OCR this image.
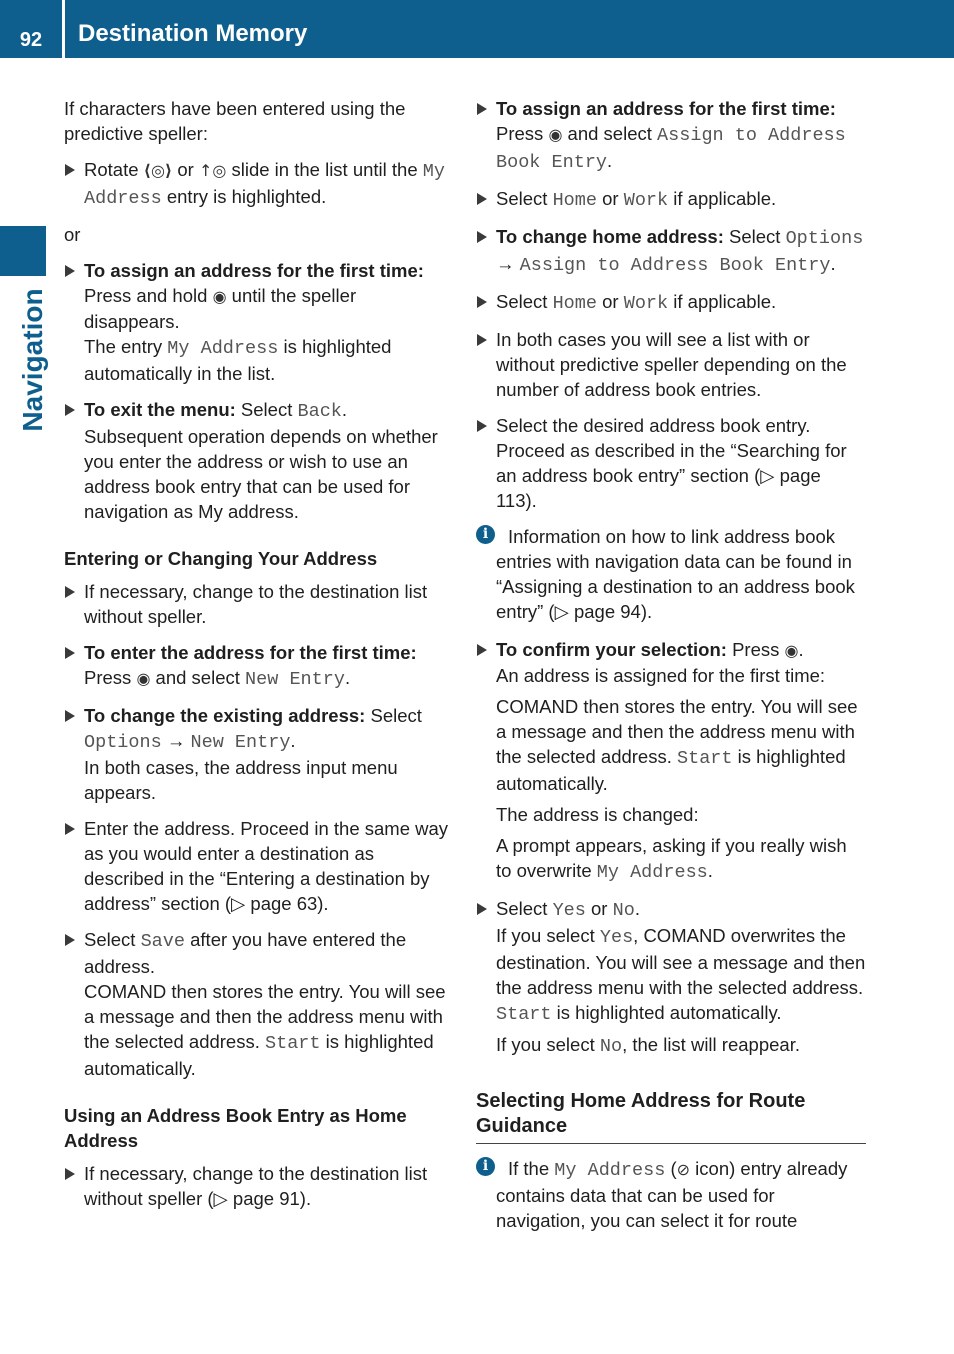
92	Destination Memory
Navigation

If characters have been entered using the predictive speller:

Rotate ⟨◎⟩ or ↑◎ slide in the list until the My Address entry is highlighted.

or

To assign an address for the first time:
Press and hold ◉ until the speller disappears.
The entry My Address is highlighted automatically in the list.
To exit the menu: Select Back.
Subsequent operation depends on whether you enter the address or wish to use an address book entry that can be used for navigation as My address.
Entering or Changing Your Address
If necessary, change to the destination list without speller.
To enter the address for the first time:
Press ◉ and select New Entry.
To change the existing address: Select Options → New Entry.
In both cases, the address input menu appears.
Enter the address. Proceed in the same way as you would enter a destination as described in the “Entering a destination by address” section (▷ page 63).
Select Save after you have entered the address.
COMAND then stores the entry. You will see a message and then the address menu with the selected address. Start is highlighted automatically.
Using an Address Book Entry as Home Address
If necessary, change to the destination list without speller (▷ page 91).
To assign an address for the first time:
Press ◉ and select Assign to Address Book Entry.
Select Home or Work if applicable.
To change home address: Select Options → Assign to Address Book Entry.
Select Home or Work if applicable.
In both cases you will see a list with or without predictive speller depending on the number of address book entries.
Select the desired address book entry. Proceed as described in the “Searching for an address book entry” section (▷ page 113).
i	Information on how to link address book entries with navigation data can be found in “Assigning a destination to an address book entry” (▷ page 94).
To confirm your selection: Press ◉.
An address is assigned for the first time:
COMAND then stores the entry. You will see a message and then the address menu with the selected address. Start is highlighted automatically.
The address is changed:
A prompt appears, asking if you really wish to overwrite My Address.
Select Yes or No.
If you select Yes, COMAND overwrites the destination. You will see a message and then the address menu with the selected address. Start is highlighted automatically.
If you select No, the list will reappear.
Selecting Home Address for Route Guidance
i	If the My Address (⊘ icon) entry already contains data that can be used for navigation, you can select it for route
